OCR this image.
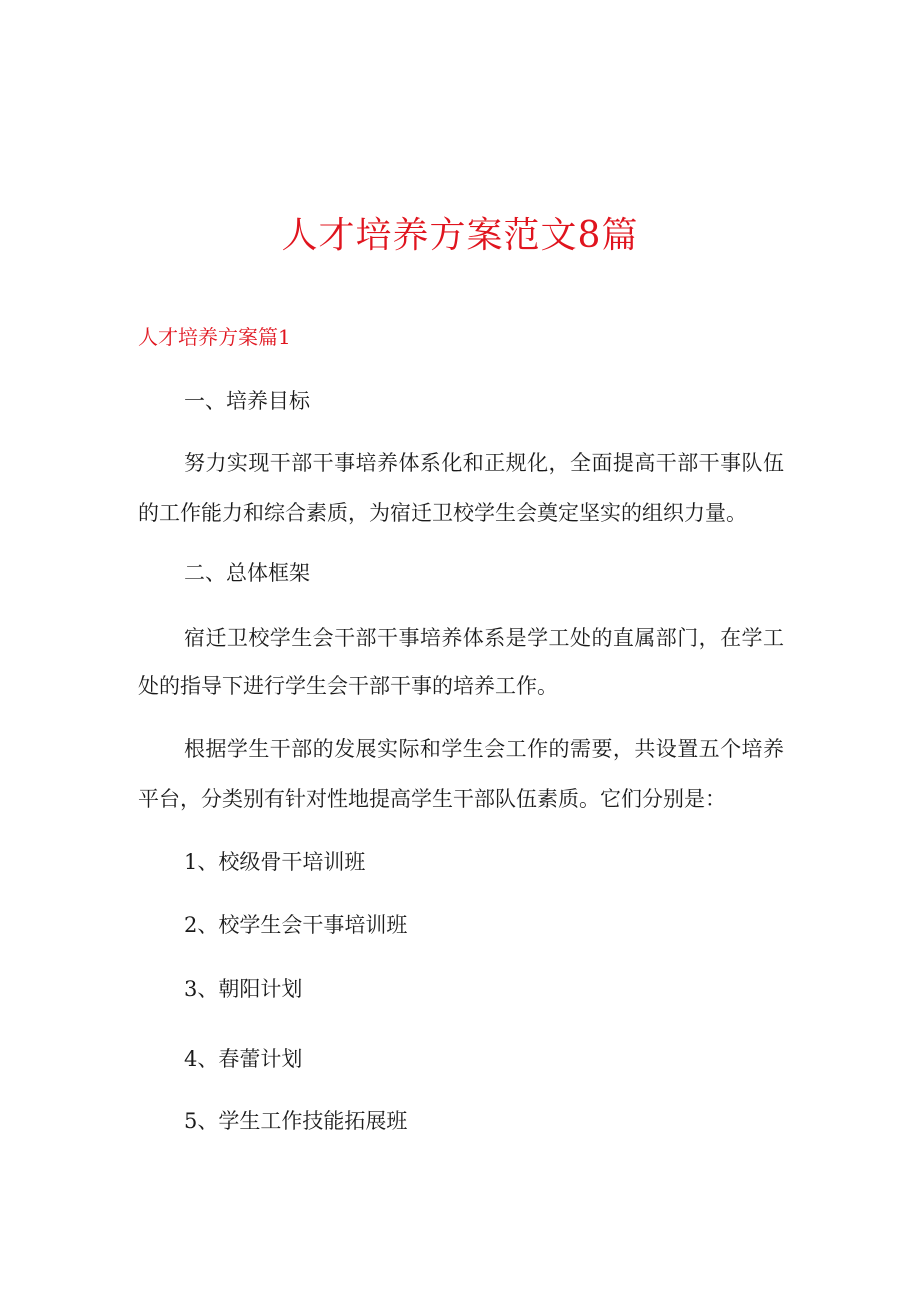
人才培养方案范文8篇
人才培养方案篇1
一、培养目标
努力实现干部干事培养体系化和正规化，全面提高干部干事队伍
的工作能力和综合素质，为宿迁卫校学生会奠定坚实的组织力量。
二、总体框架
宿迁卫校学生会干部干事培养体系是学工处的直属部门，在学工
处的指导下进行学生会干部干事的培养工作。
根据学生干部的发展实际和学生会工作的需要，共设置五个培养
平台，分类别有针对性地提高学生干部队伍素质。它们分别是：
1、校级骨干培训班
2、校学生会干事培训班
3、朝阳计划
4、春蕾计划
5、学生工作技能拓展班
